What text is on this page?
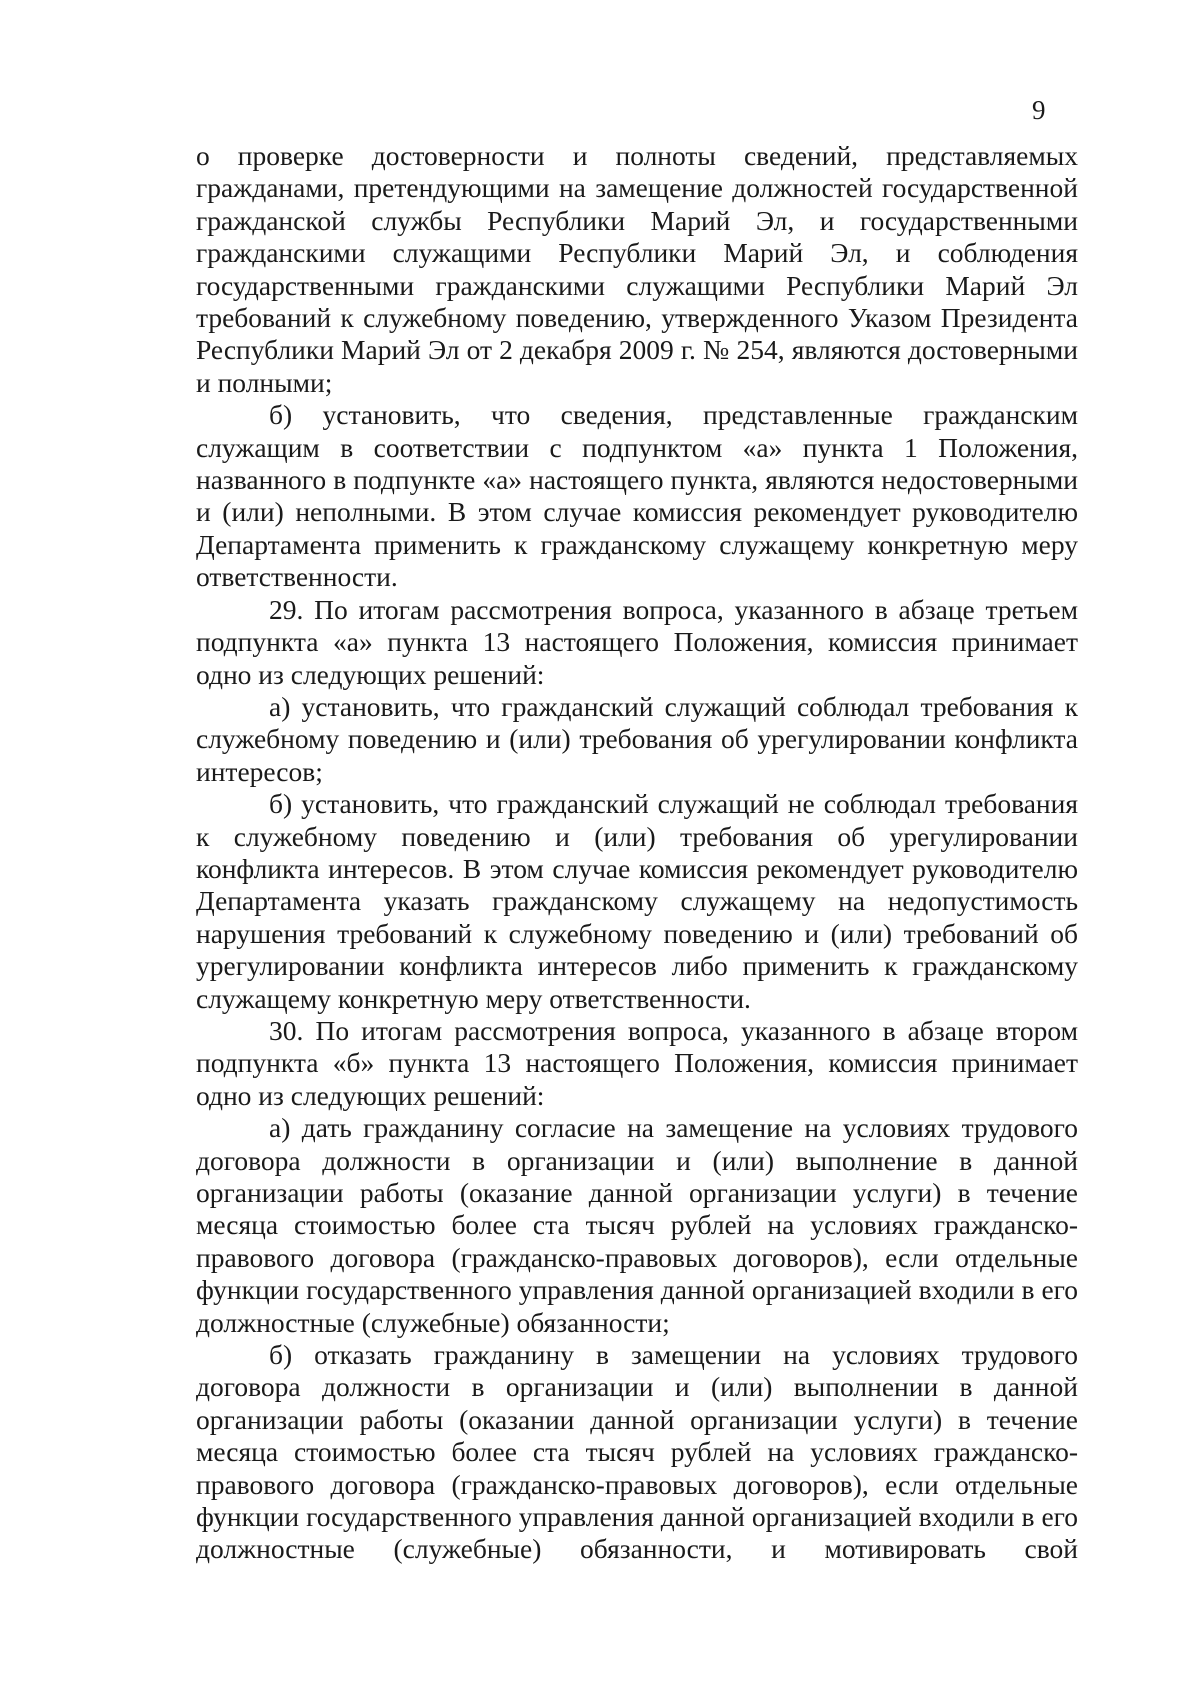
9

о проверке достоверности и полноты сведений, представляемых гражданами, претендующими на замещение должностей государственной гражданской службы Республики Марий Эл, и государственными гражданскими служащими Республики Марий Эл, и соблюдения государственными гражданскими служащими Республики Марий Эл требований к служебному поведению, утвержденного Указом Президента Республики Марий Эл от 2 декабря 2009 г. № 254, являются достоверными и полными;

б) установить, что сведения, представленные гражданским служащим в соответствии с подпунктом «а» пункта 1 Положения, названного в подпункте «а» настоящего пункта, являются недостоверными и (или) неполными. В этом случае комиссия рекомендует руководителю Департамента применить к гражданскому служащему конкретную меру ответственности.

29. По итогам рассмотрения вопроса, указанного в абзаце третьем подпункта «а» пункта 13 настоящего Положения, комиссия принимает одно из следующих решений:

а) установить, что гражданский служащий соблюдал требования к служебному поведению и (или) требования об урегулировании конфликта интересов;

б) установить, что гражданский служащий не соблюдал требования к служебному поведению и (или) требования об урегулировании конфликта интересов. В этом случае комиссия рекомендует руководителю Департамента указать гражданскому служащему на недопустимость нарушения требований к служебному поведению и (или) требований об урегулировании конфликта интересов либо применить к гражданскому служащему конкретную меру ответственности.

30. По итогам рассмотрения вопроса, указанного в абзаце втором подпункта «б» пункта 13 настоящего Положения, комиссия принимает одно из следующих решений:

а) дать гражданину согласие на замещение на условиях трудового договора должности в организации и (или) выполнение в данной организации работы (оказание данной организации услуги) в течение месяца стоимостью более ста тысяч рублей на условиях гражданско-правового договора (гражданско-правовых договоров), если отдельные функции государственного управления данной организацией входили в его должностные (служебные) обязанности;

б) отказать гражданину в замещении на условиях трудового договора должности в организации и (или) выполнении в данной организации работы (оказании данной организации услуги) в течение месяца стоимостью более ста тысяч рублей на условиях гражданско-правового договора (гражданско-правовых договоров), если отдельные функции государственного управления данной организацией входили в его должностные (служебные) обязанности, и мотивировать свой
